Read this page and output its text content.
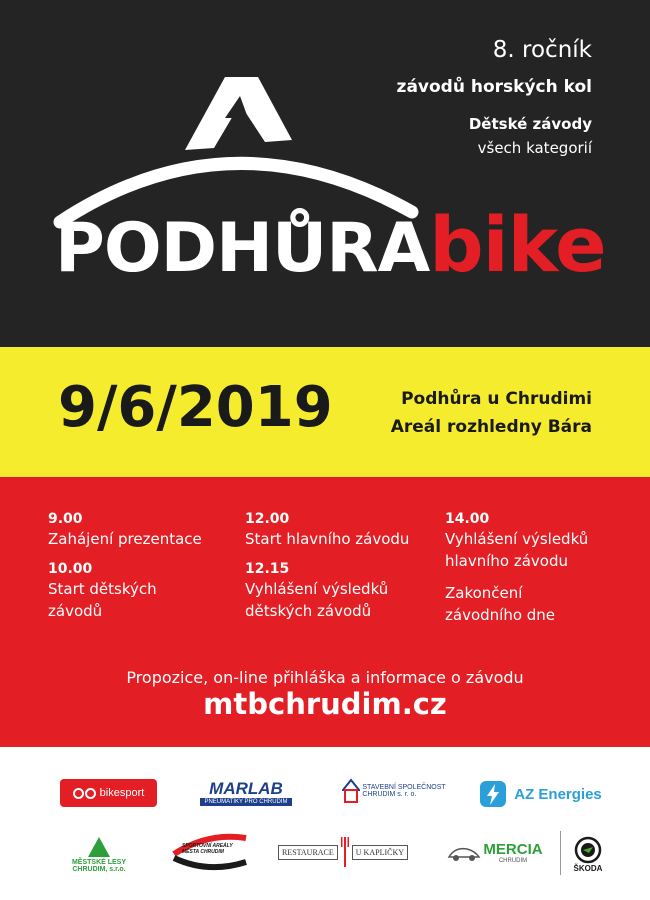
8. ročník
závodů horských kol
Dětské závody
všech kategorií
PODHŮRAbike
9/6/2019	Podhůra u Chrudimi
Areál rozhledny Bára
9.00
Zahájení prezentace
10.00
Start dětských závodů
12.00
Start hlavního závodu
12.15
Vyhlášení výsledků dětských závodů
14.00
Vyhlášení výsledků hlavního závodu
Zakončení závodního dne
Propozice, on-line přihláška a informace o závodu
mtbchrudim.cz
bikesport	MARLAB
PNEUMATIKY PRO CHRUDIM
STAVEBNÍ SPOLEČNOST
CHRUDIM s. r. o.	AZ Energies
MĚSTSKÉ LESY
CHRUDIM, s.r.o.
SPORTOVNÍ AREÁLY
MĚSTA CHRUDIM	RESTAURACE	U KAPLIČKY	MERCIA
CHRUDIM
ŠKODA
